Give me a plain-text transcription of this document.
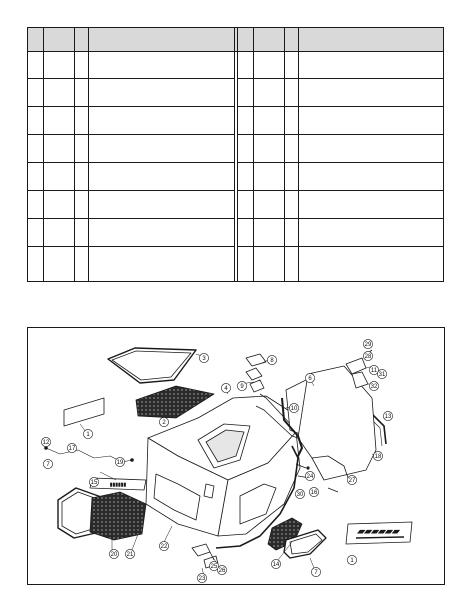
▮▮▮▮▮▮
▰▰▰▰▰▰
1
2
3
4
6
7
8
9
10
11
12
13
14
15
16
17
18
19
20 21
22
23
24
25
26
27
28
29
30
31
32
1
7
